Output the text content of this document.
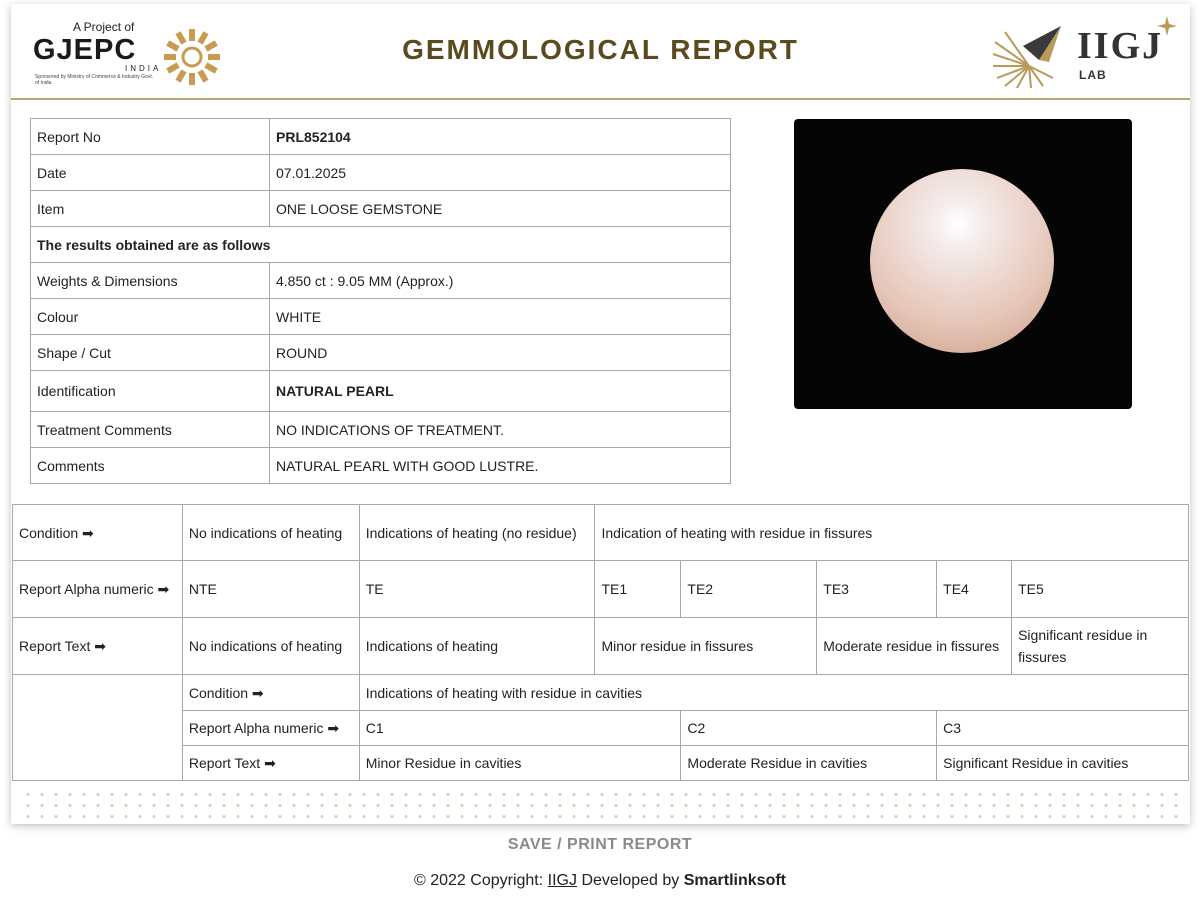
A Project of
GJEPC
INDIA
Sponsored by Ministry of Commerce & Industry Govt. of India
GEMMOLOGICAL REPORT	IIGJ
LAB
Report No	PRL852104
Date	07.01.2025
Item	ONE LOOSE GEMSTONE
The results obtained are as follows	
Weights & Dimensions	4.850 ct : 9.05 MM (Approx.)
Colour	WHITE
Shape / Cut	ROUND
Identification	NATURAL PEARL
Treatment Comments	NO INDICATIONS OF TREATMENT.
Comments	NATURAL PEARL WITH GOOD LUSTRE.
Condition ➡	No indications of heating	Indications of heating (no residue)	Indication of heating with residue in fissures				
Report Alpha numeric ➡	NTE	TE	TE1	TE2	TE3	TE4	TE5
Report Text ➡	No indications of heating	Indications of heating	Minor residue in fissures		Moderate residue in fissures		Significant residue in fissures
	Condition ➡	Indications of heating with residue in cavities					
	Report Alpha numeric ➡	C1		C2		C3	
	Report Text ➡	Minor Residue in cavities		Moderate Residue in cavities		Significant Residue in cavities	
SAVE / PRINT REPORT
© 2022 Copyright: IIGJ Developed by Smartlinksoft
